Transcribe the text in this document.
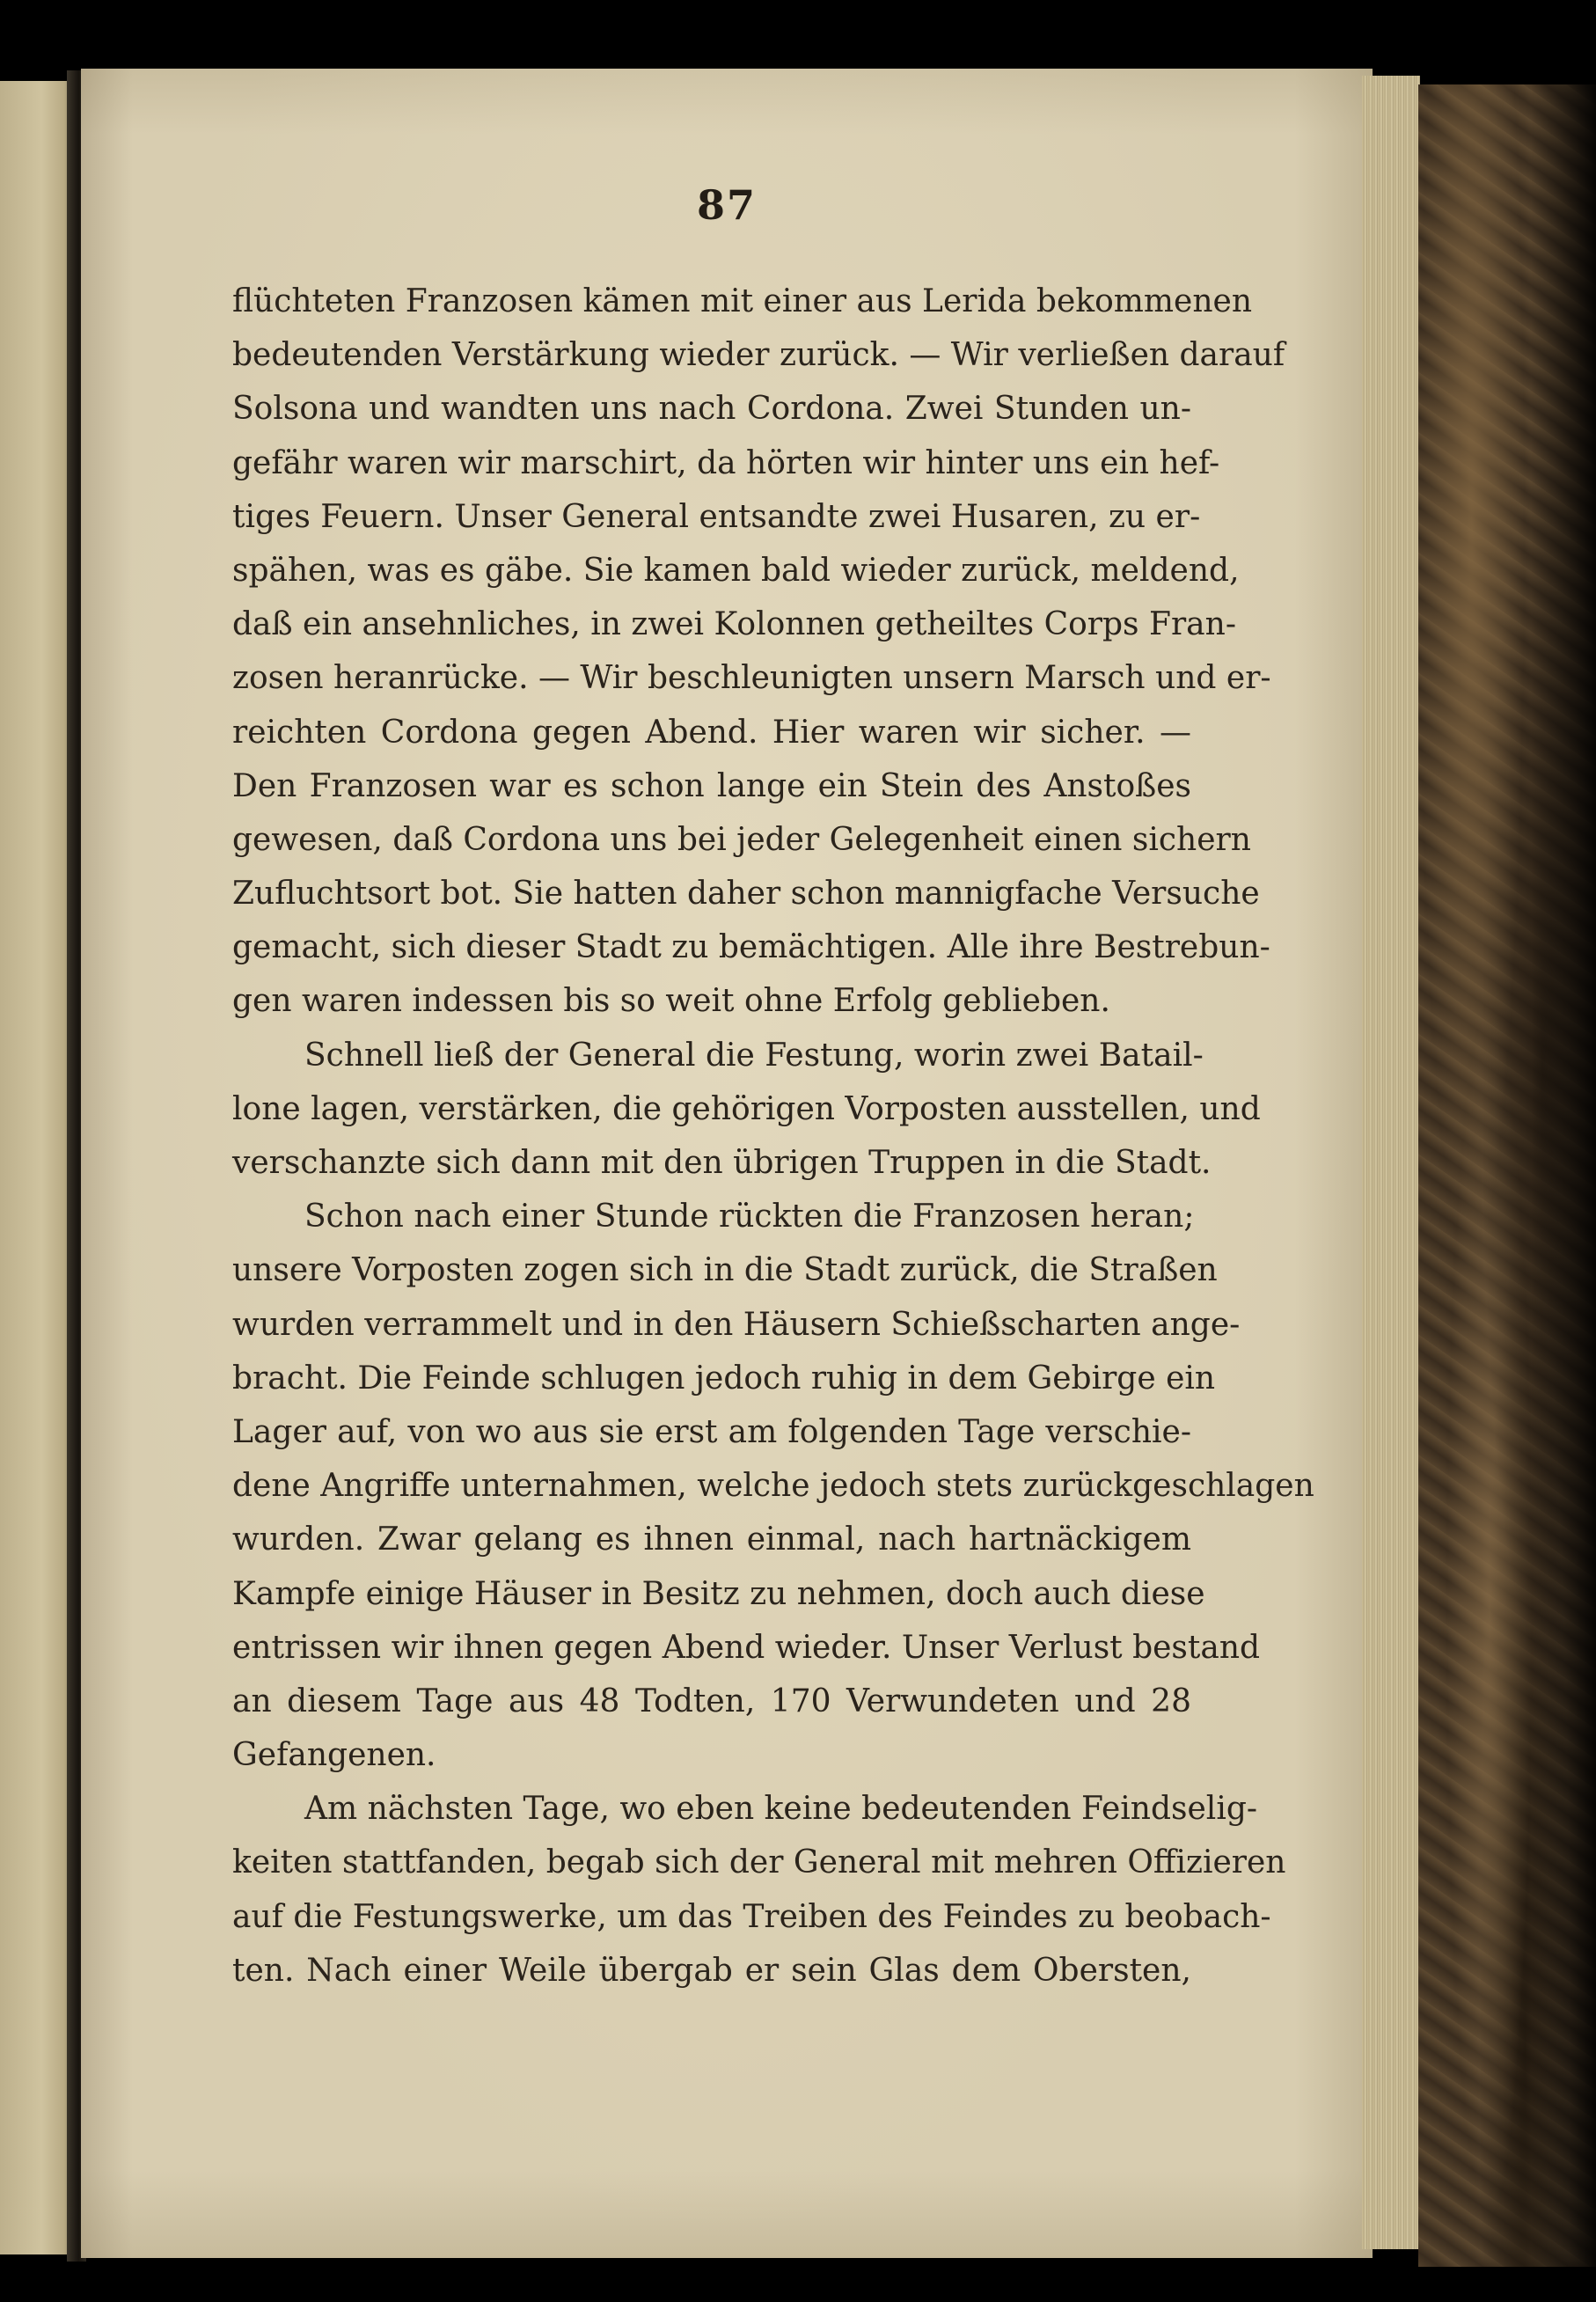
87
flüchteten Franzosen kämen mit einer aus Lerida bekommenen
bedeutenden Verstärkung wieder zurück. — Wir verließen darauf
Solsona und wandten uns nach Cordona. Zwei Stunden un-
gefähr waren wir marschirt, da hörten wir hinter uns ein hef-
tiges Feuern. Unser General entsandte zwei Husaren, zu er-
spähen, was es gäbe. Sie kamen bald wieder zurück, meldend,
daß ein ansehnliches, in zwei Kolonnen getheiltes Corps Fran-
zosen heranrücke. — Wir beschleunigten unsern Marsch und er-
reichten Cordona gegen Abend. Hier waren wir sicher. —
Den Franzosen war es schon lange ein Stein des Anstoßes
gewesen, daß Cordona uns bei jeder Gelegenheit einen sichern
Zufluchtsort bot. Sie hatten daher schon mannigfache Versuche
gemacht, sich dieser Stadt zu bemächtigen. Alle ihre Bestrebun-
gen waren indessen bis so weit ohne Erfolg geblieben.
Schnell ließ der General die Festung, worin zwei Batail-
lone lagen, verstärken, die gehörigen Vorposten ausstellen, und
verschanzte sich dann mit den übrigen Truppen in die Stadt.
Schon nach einer Stunde rückten die Franzosen heran;
unsere Vorposten zogen sich in die Stadt zurück, die Straßen
wurden verrammelt und in den Häusern Schießscharten ange-
bracht. Die Feinde schlugen jedoch ruhig in dem Gebirge ein
Lager auf, von wo aus sie erst am folgenden Tage verschie-
dene Angriffe unternahmen, welche jedoch stets zurückgeschlagen
wurden. Zwar gelang es ihnen einmal, nach hartnäckigem
Kampfe einige Häuser in Besitz zu nehmen, doch auch diese
entrissen wir ihnen gegen Abend wieder. Unser Verlust bestand
an diesem Tage aus 48 Todten, 170 Verwundeten und 28
Gefangenen.
Am nächsten Tage, wo eben keine bedeutenden Feindselig-
keiten stattfanden, begab sich der General mit mehren Offizieren
auf die Festungswerke, um das Treiben des Feindes zu beobach-
ten. Nach einer Weile übergab er sein Glas dem Obersten,
